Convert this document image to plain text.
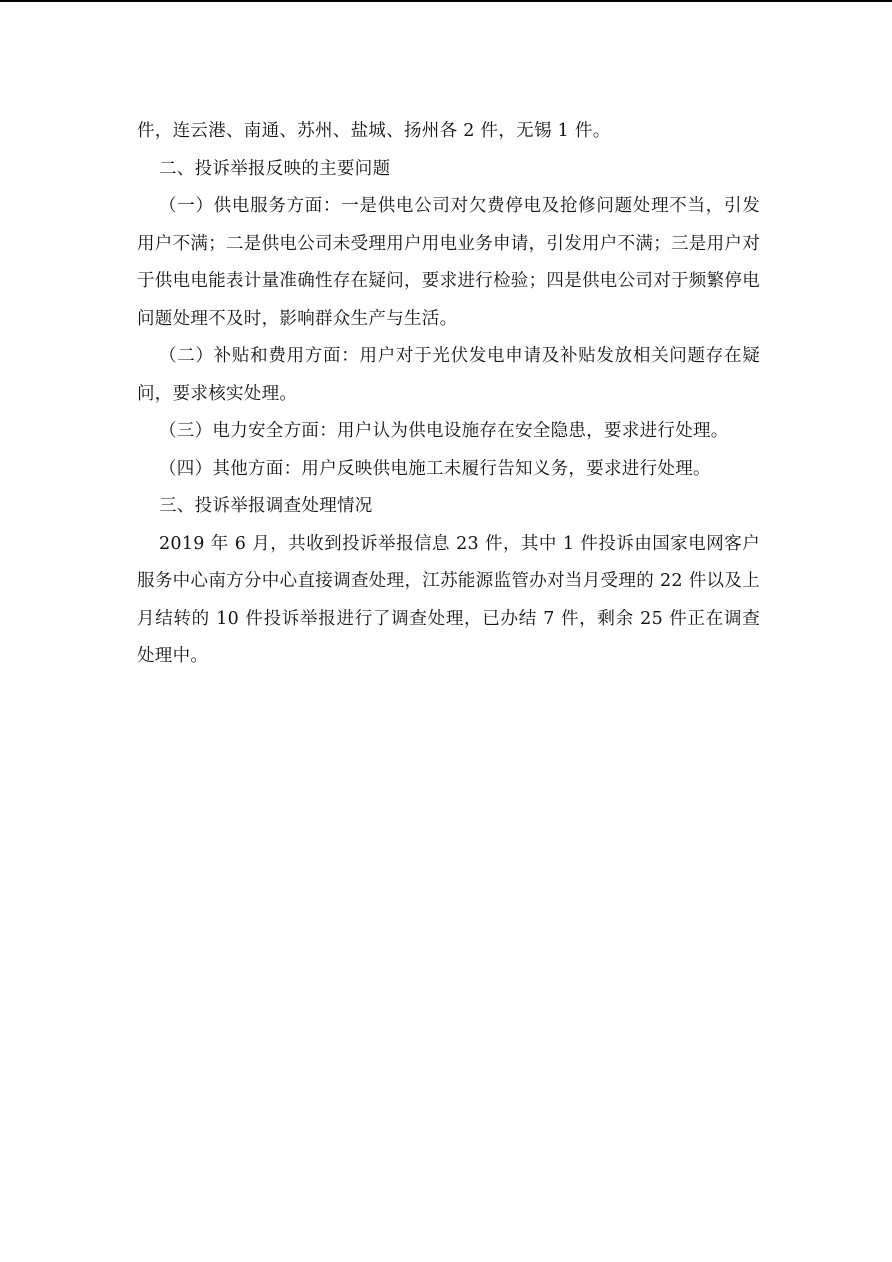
件，连云港、南通、苏州、盐城、扬州各 2 件，无锡 1 件。

二、投诉举报反映的主要问题

（一）供电服务方面：一是供电公司对欠费停电及抢修问题处理不当，引发用户不满；二是供电公司未受理用户用电业务申请，引发用户不满；三是用户对于供电电能表计量准确性存在疑问，要求进行检验；四是供电公司对于频繁停电问题处理不及时，影响群众生产与生活。

（二）补贴和费用方面：用户对于光伏发电申请及补贴发放相关问题存在疑问，要求核实处理。

（三）电力安全方面：用户认为供电设施存在安全隐患，要求进行处理。

（四）其他方面：用户反映供电施工未履行告知义务，要求进行处理。

三、投诉举报调查处理情况

2019 年 6 月，共收到投诉举报信息 23 件，其中 1 件投诉由国家电网客户服务中心南方分中心直接调查处理，江苏能源监管办对当月受理的 22 件以及上月结转的 10 件投诉举报进行了调查处理，已办结 7 件，剩余 25 件正在调查处理中。
